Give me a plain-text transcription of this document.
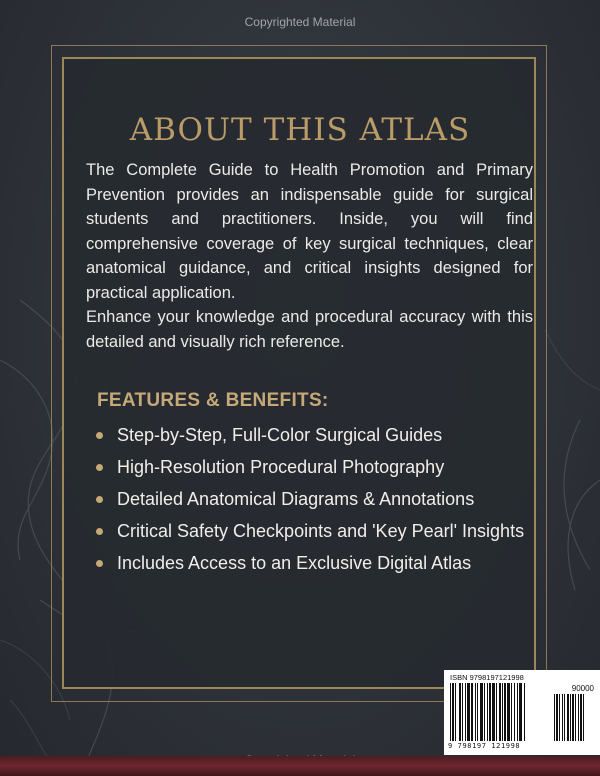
Copyrighted Material
ABOUT THIS ATLAS

The Complete Guide to Health Promotion and Primary Prevention provides an indispensable guide for surgical students and practitioners. Inside, you will find comprehensive coverage of key surgical techniques, clear anatomical guidance, and critical insights designed for practical application.

Enhance your knowledge and procedural accuracy with this detailed and visually rich reference.

FEATURES & BENEFITS:
Step-by-Step, Full-Color Surgical Guides
High-Resolution Procedural Photography
Detailed Anatomical Diagrams & Annotations
Critical Safety Checkpoints and 'Key Pearl' Insights
Includes Access to an Exclusive Digital Atlas
ISBN 9798197121998
90000
9 798197 121998
